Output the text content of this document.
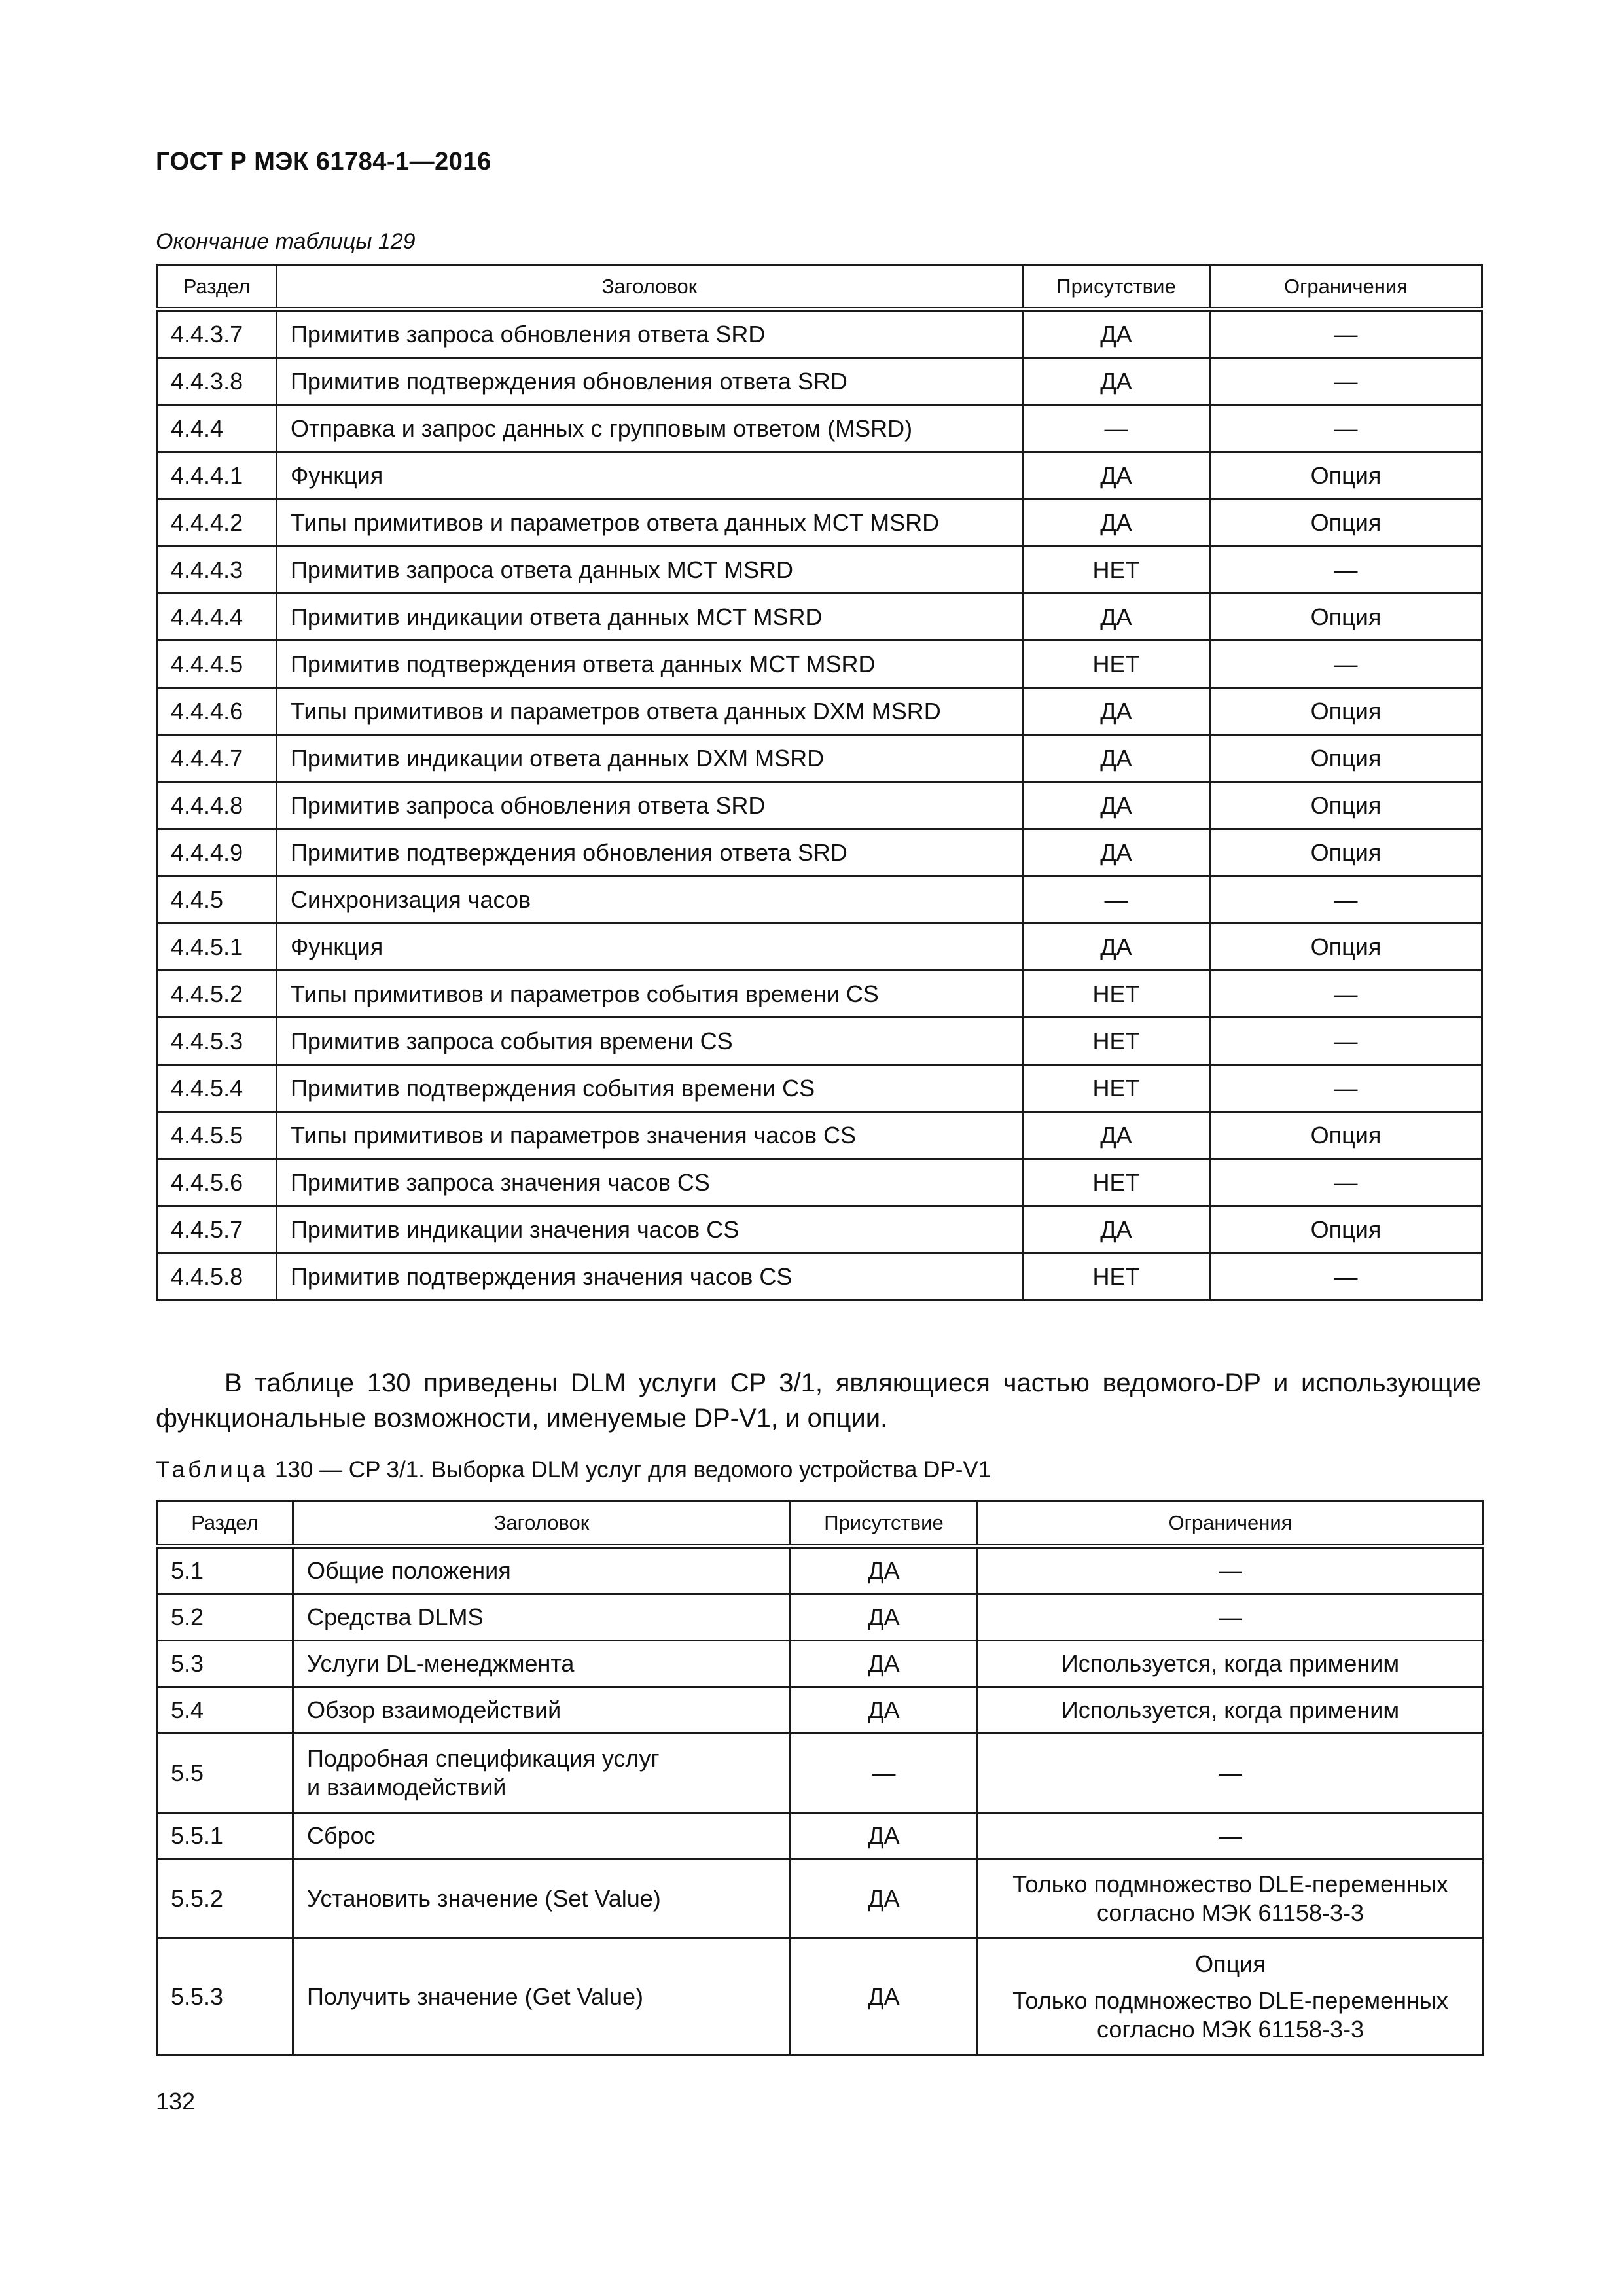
ГОСТ Р МЭК 61784-1—2016
Окончание таблицы 129
Раздел	Заголовок	Присутствие	Ограничения
4.4.3.7	Примитив запроса обновления ответа SRD	ДА	—
4.4.3.8	Примитив подтверждения обновления ответа SRD	ДА	—
4.4.4	Отправка и запрос данных с групповым ответом (MSRD)	—	—
4.4.4.1	Функция	ДА	Опция
4.4.4.2	Типы примитивов и параметров ответа данных MCT MSRD	ДА	Опция
4.4.4.3	Примитив запроса ответа данных MCT MSRD	НЕТ	—
4.4.4.4	Примитив индикации ответа данных MCT MSRD	ДА	Опция
4.4.4.5	Примитив подтверждения ответа данных MCT MSRD	НЕТ	—
4.4.4.6	Типы примитивов и параметров ответа данных DXM MSRD	ДА	Опция
4.4.4.7	Примитив индикации ответа данных DXM MSRD	ДА	Опция
4.4.4.8	Примитив запроса обновления ответа SRD	ДА	Опция
4.4.4.9	Примитив подтверждения обновления ответа SRD	ДА	Опция
4.4.5	Синхронизация часов	—	—
4.4.5.1	Функция	ДА	Опция
4.4.5.2	Типы примитивов и параметров события времени CS	НЕТ	—
4.4.5.3	Примитив запроса события времени CS	НЕТ	—
4.4.5.4	Примитив подтверждения события времени CS	НЕТ	—
4.4.5.5	Типы примитивов и параметров значения часов CS	ДА	Опция
4.4.5.6	Примитив запроса значения часов CS	НЕТ	—
4.4.5.7	Примитив индикации значения часов CS	ДА	Опция
4.4.5.8	Примитив подтверждения значения часов CS	НЕТ	—
В таблице 130 приведены DLM услуги CP 3/1, являющиеся частью ведомого-DP и использующие
функциональные возможности, именуемые DP-V1, и опции.
Таблица 130 — CP 3/1. Выборка DLM услуг для ведомого устройства DP-V1
Раздел	Заголовок	Присутствие	Ограничения
5.1	Общие положения	ДА	—

5.2	Средства DLMS	ДА	—

5.3	Услуги DL-менеджмента	ДА	Используется, когда применим

5.4	Обзор взаимодействий	ДА	Используется, когда применим

5.5	Подробная спецификация услуг
и взаимодействий	—	—

5.5.1	Сброс	ДА	—

5.5.2	Установить значение (Set Value)	ДА	Только подмножество DLE-переменных
согласно МЭК 61158-3-3

5.5.3	Получить значение (Get Value)	ДА	Опция
Только подмножество DLE-переменных
согласно МЭК 61158-3-3
132
